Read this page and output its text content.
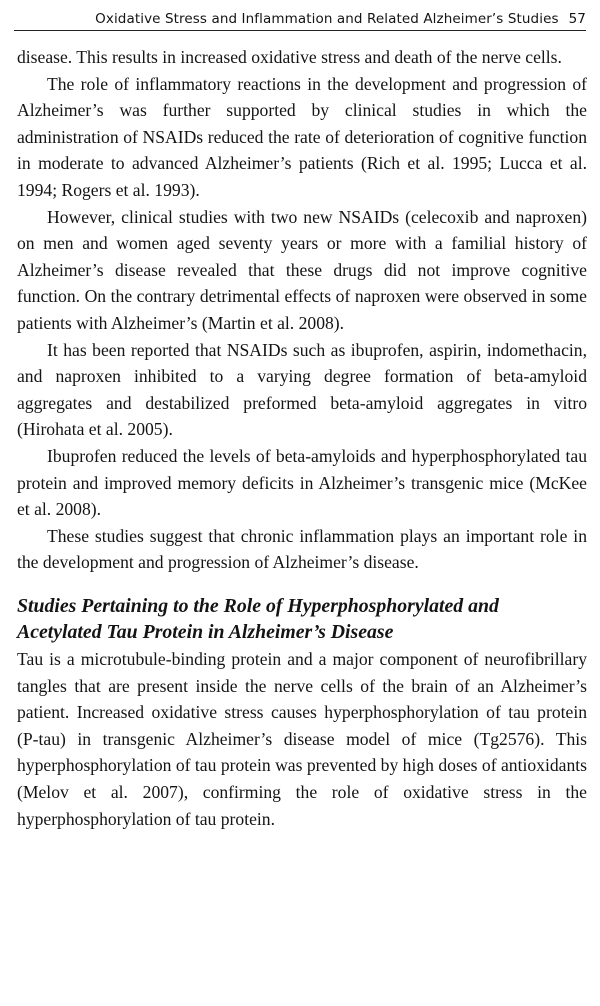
Oxidative Stress and Inflammation and Related Alzheimer’s Studies 57

disease. This results in increased oxidative stress and death of the nerve cells.

The role of inflammatory reactions in the development and progression of Alzheimer’s was further supported by clinical studies in which the administration of NSAIDs reduced the rate of deterioration of cognitive function in moderate to advanced Alzheimer’s patients (Rich et al. 1995; Lucca et al. 1994; Rogers et al. 1993).

However, clinical studies with two new NSAIDs (celecoxib and naproxen) on men and women aged seventy years or more with a familial history of Alzheimer’s disease revealed that these drugs did not improve cognitive function. On the contrary detrimental effects of naproxen were observed in some patients with Alzheimer’s (Martin et al. 2008).

It has been reported that NSAIDs such as ibuprofen, aspirin, indomethacin, and naproxen inhibited to a varying degree formation of beta-amyloid aggregates and destabilized preformed beta-amyloid aggregates in vitro (Hirohata et al. 2005).

Ibuprofen reduced the levels of beta-amyloids and hyperphosphorylated tau protein and improved memory deficits in Alzheimer’s transgenic mice (McKee et al. 2008).

These studies suggest that chronic inflammation plays an important role in the development and progression of Alzheimer’s disease.

Studies Pertaining to the Role of Hyperphosphorylated and Acetylated Tau Protein in Alzheimer’s Disease

Tau is a microtubule-binding protein and a major component of neurofibrillary tangles that are present inside the nerve cells of the brain of an Alzheimer’s patient. Increased oxidative stress causes hyperphosphorylation of tau protein (P-tau) in transgenic Alzheimer’s disease model of mice (Tg2576). This hyperphosphorylation of tau protein was prevented by high doses of antioxidants (Melov et al. 2007), confirming the role of oxidative stress in the hyperphosphorylation of tau protein.
